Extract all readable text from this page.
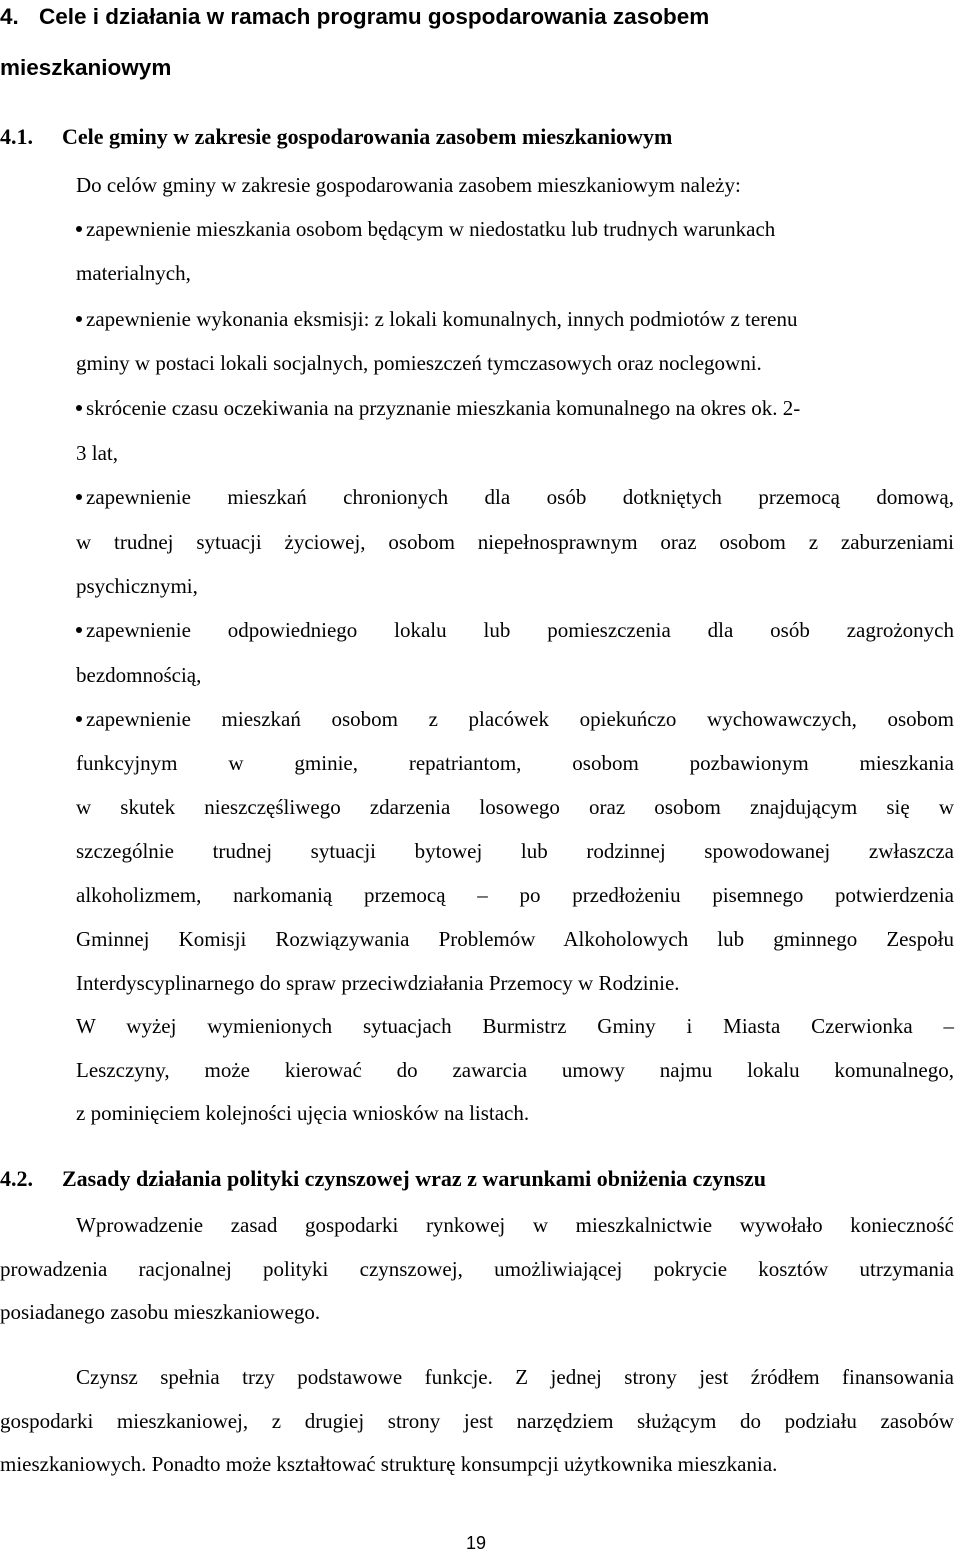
4. Cele i działania w ramach programu gospodarowania zasobem
mieszkaniowym
4.1. Cele gminy w zakresie gospodarowania zasobem mieszkaniowym
Do celów gminy w zakresie gospodarowania zasobem mieszkaniowym należy:
zapewnienie mieszkania osobom będącym w niedostatku lub trudnych warunkach
materialnych,
zapewnienie wykonania eksmisji: z lokali komunalnych, innych podmiotów z terenu
gminy w postaci lokali socjalnych, pomieszczeń tymczasowych oraz noclegowni.
skrócenie czasu oczekiwania na przyznanie mieszkania komunalnego na okres ok. 2-
3 lat,
zapewnienie mieszkań chronionych dla osób dotkniętych przemocą domową,
w trudnej sytuacji życiowej, osobom niepełnosprawnym oraz osobom z zaburzeniami
psychicznymi,
zapewnienie odpowiedniego lokalu lub pomieszczenia dla osób zagrożonych
bezdomnością,
zapewnienie mieszkań osobom z placówek opiekuńczo wychowawczych, osobom
funkcyjnym w gminie, repatriantom, osobom pozbawionym mieszkania
w skutek nieszczęśliwego zdarzenia losowego oraz osobom znajdującym się w
szczególnie trudnej sytuacji bytowej lub rodzinnej spowodowanej zwłaszcza
alkoholizmem, narkomanią przemocą – po przedłożeniu pisemnego potwierdzenia
Gminnej Komisji Rozwiązywania Problemów Alkoholowych lub gminnego Zespołu
Interdyscyplinarnego do spraw przeciwdziałania Przemocy w Rodzinie.
W wyżej wymienionych sytuacjach Burmistrz Gminy i Miasta Czerwionka –
Leszczyny, może kierować do zawarcia umowy najmu lokalu komunalnego,
z pominięciem kolejności ujęcia wniosków na listach.
4.2. Zasady działania polityki czynszowej wraz z warunkami obniżenia czynszu
Wprowadzenie zasad gospodarki rynkowej w mieszkalnictwie wywołało konieczność
prowadzenia racjonalnej polityki czynszowej, umożliwiającej pokrycie kosztów utrzymania
posiadanego zasobu mieszkaniowego.
Czynsz spełnia trzy podstawowe funkcje. Z jednej strony jest źródłem finansowania
gospodarki mieszkaniowej, z drugiej strony jest narzędziem służącym do podziału zasobów
mieszkaniowych. Ponadto może kształtować strukturę konsumpcji użytkownika mieszkania.
19
